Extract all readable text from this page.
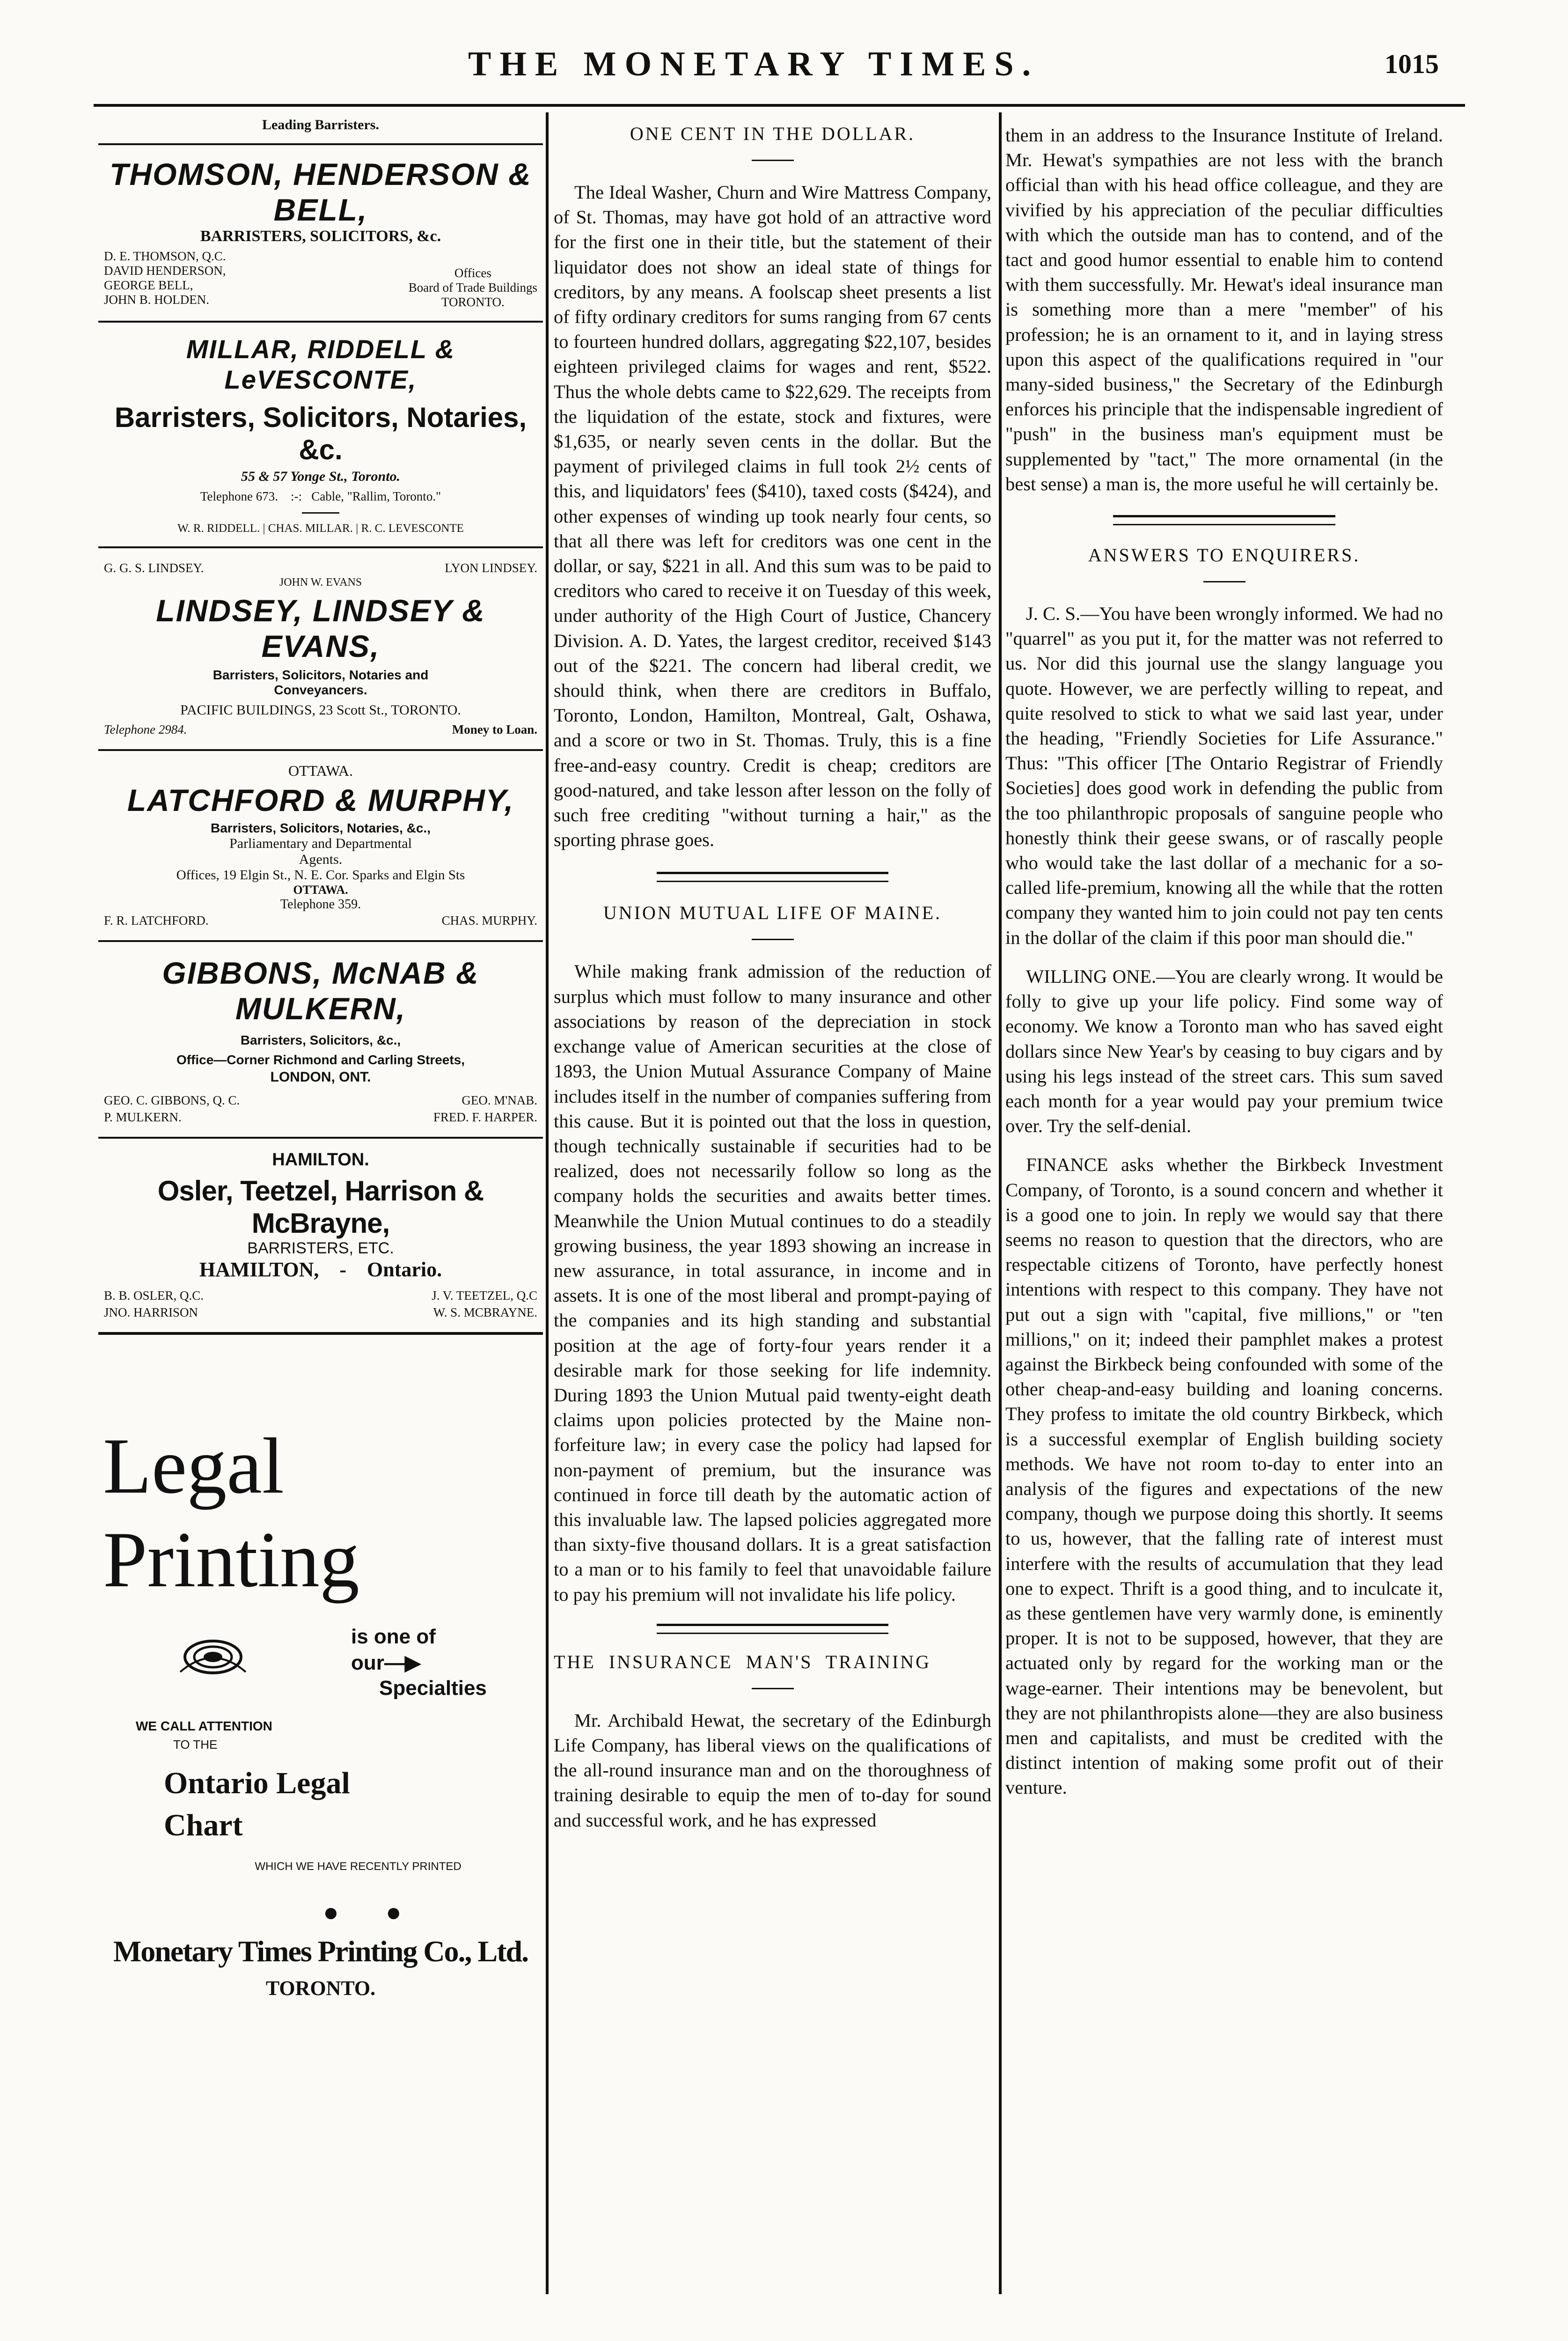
THE MONETARY TIMES.	1015
Leading Barristers.
THOMSON, HENDERSON & BELL,
BARRISTERS, SOLICITORS, &c.
D. E. THOMSON, Q.C.
DAVID HENDERSON,
GEORGE BELL,
JOHN B. HOLDEN.
Offices
Board of Trade Buildings
TORONTO.
MILLAR, RIDDELL & LeVESCONTE,
Barristers, Solicitors, Notaries, &c.
55 & 57 Yonge St., Toronto.
Telephone 673.    :-:   Cable, "Rallim, Toronto."
W. R. RIDDELL. | CHAS. MILLAR. | R. C. LEVESCONTE
G. G. S. LINDSEY.	LYON LINDSEY.
JOHN W. EVANS
LINDSEY, LINDSEY & EVANS,
Barristers, Solicitors, Notaries and
Conveyancers.
PACIFIC BUILDINGS, 23 Scott St., TORONTO.
Telephone 2984.	Money to Loan.
OTTAWA.
LATCHFORD & MURPHY,
Barristers, Solicitors, Notaries, &c.,
Parliamentary and Departmental
Agents.
Offices, 19 Elgin St., N. E. Cor. Sparks and Elgin Sts
OTTAWA.
Telephone 359.
F. R. LATCHFORD.	CHAS. MURPHY.
GIBBONS, McNAB & MULKERN,
Barristers, Solicitors, &c.,
Office—Corner Richmond and Carling Streets,
LONDON, ONT.
GEO. C. GIBBONS, Q. C.	GEO. M'NAB.
P. MULKERN.	FRED. F. HARPER.
HAMILTON.
Osler, Teetzel, Harrison & McBrayne,
BARRISTERS, ETC.
HAMILTON, - Ontario.
B. B. OSLER, Q.C.	J. V. TEETZEL, Q.C
JNO. HARRISON	W. S. MCBRAYNE.
Legal
Printing
is one of
our—▶
Specialties
WE CALL ATTENTION
TO THE
Ontario Legal
Chart
WHICH WE HAVE RECENTLY PRINTED
●●
Monetary Times Printing Co., Ltd.
TORONTO.

ONE CENT IN THE DOLLAR.

The Ideal Washer, Churn and Wire Mattress Company, of St. Thomas, may have got hold of an attractive word for the first one in their title, but the statement of their liquidator does not show an ideal state of things for creditors, by any means. A foolscap sheet presents a list of fifty ordinary creditors for sums ranging from 67 cents to fourteen hundred dollars, aggregating $22,107, besides eighteen privileged claims for wages and rent, $522. Thus the whole debts came to $22,629. The receipts from the liquidation of the estate, stock and fixtures, were $1,635, or nearly seven cents in the dollar. But the payment of privileged claims in full took 2½ cents of this, and liquidators' fees ($410), taxed costs ($424), and other expenses of winding up took nearly four cents, so that all there was left for creditors was one cent in the dollar, or say, $221 in all. And this sum was to be paid to creditors who cared to receive it on Tuesday of this week, under authority of the High Court of Justice, Chancery Division. A. D. Yates, the largest creditor, received $143 out of the $221. The concern had liberal credit, we should think, when there are creditors in Buffalo, Toronto, London, Hamilton, Montreal, Galt, Oshawa, and a score or two in St. Thomas. Truly, this is a fine free-and-easy country. Credit is cheap; creditors are good-natured, and take lesson after lesson on the folly of such free crediting "without turning a hair," as the sporting phrase goes.

UNION MUTUAL LIFE OF MAINE.

While making frank admission of the reduction of surplus which must follow to many insurance and other associations by reason of the depreciation in stock exchange value of American securities at the close of 1893, the Union Mutual Assurance Company of Maine includes itself in the number of companies suffering from this cause. But it is pointed out that the loss in question, though technically sustainable if securities had to be realized, does not necessarily follow so long as the company holds the securities and awaits better times. Meanwhile the Union Mutual continues to do a steadily growing business, the year 1893 showing an increase in new assurance, in total assurance, in income and in assets. It is one of the most liberal and prompt-paying of the companies and its high standing and substantial position at the age of forty-four years render it a desirable mark for those seeking for life indemnity. During 1893 the Union Mutual paid twenty-eight death claims upon policies protected by the Maine non-forfeiture law; in every case the policy had lapsed for non-payment of premium, but the insurance was continued in force till death by the automatic action of this invaluable law. The lapsed policies aggregated more than sixty-five thousand dollars. It is a great satisfaction to a man or to his family to feel that unavoidable failure to pay his premium will not invalidate his life policy.

THE INSURANCE MAN'S TRAINING

Mr. Archibald Hewat, the secretary of the Edinburgh Life Company, has liberal views on the qualifications of the all-round insurance man and on the thoroughness of training desirable to equip the men of to-day for sound and successful work, and he has expressed

them in an address to the Insurance Institute of Ireland. Mr. Hewat's sympathies are not less with the branch official than with his head office colleague, and they are vivified by his appreciation of the peculiar difficulties with which the outside man has to contend, and of the tact and good humor essential to enable him to contend with them successfully. Mr. Hewat's ideal insurance man is something more than a mere "member" of his profession; he is an ornament to it, and in laying stress upon this aspect of the qualifications required in "our many-sided business," the Secretary of the Edinburgh enforces his principle that the indispensable ingredient of "push" in the business man's equipment must be supplemented by "tact," The more ornamental (in the best sense) a man is, the more useful he will certainly be.

ANSWERS TO ENQUIRERS.

J. C. S.—You have been wrongly informed. We had no "quarrel" as you put it, for the matter was not referred to us. Nor did this journal use the slangy language you quote. However, we are perfectly willing to repeat, and quite resolved to stick to what we said last year, under the heading, "Friendly Societies for Life Assurance." Thus: "This officer [The Ontario Registrar of Friendly Societies] does good work in defending the public from the too philanthropic proposals of sanguine people who honestly think their geese swans, or of rascally people who would take the last dollar of a mechanic for a so-called life-premium, knowing all the while that the rotten company they wanted him to join could not pay ten cents in the dollar of the claim if this poor man should die."

WILLING ONE.—You are clearly wrong. It would be folly to give up your life policy. Find some way of economy. We know a Toronto man who has saved eight dollars since New Year's by ceasing to buy cigars and by using his legs instead of the street cars. This sum saved each month for a year would pay your premium twice over. Try the self-denial.

FINANCE asks whether the Birkbeck Investment Company, of Toronto, is a sound concern and whether it is a good one to join. In reply we would say that there seems no reason to question that the directors, who are respectable citizens of Toronto, have perfectly honest intentions with respect to this company. They have not put out a sign with "capital, five millions," or "ten millions," on it; indeed their pamphlet makes a protest against the Birkbeck being confounded with some of the other cheap-and-easy building and loaning concerns. They profess to imitate the old country Birkbeck, which is a successful exemplar of English building society methods. We have not room to-day to enter into an analysis of the figures and expectations of the new company, though we purpose doing this shortly. It seems to us, however, that the falling rate of interest must interfere with the results of accumulation that they lead one to expect. Thrift is a good thing, and to inculcate it, as these gentlemen have very warmly done, is eminently proper. It is not to be supposed, however, that they are actuated only by regard for the working man or the wage-earner. Their intentions may be benevolent, but they are not philanthropists alone—they are also business men and capitalists, and must be credited with the distinct intention of making some profit out of their venture.
